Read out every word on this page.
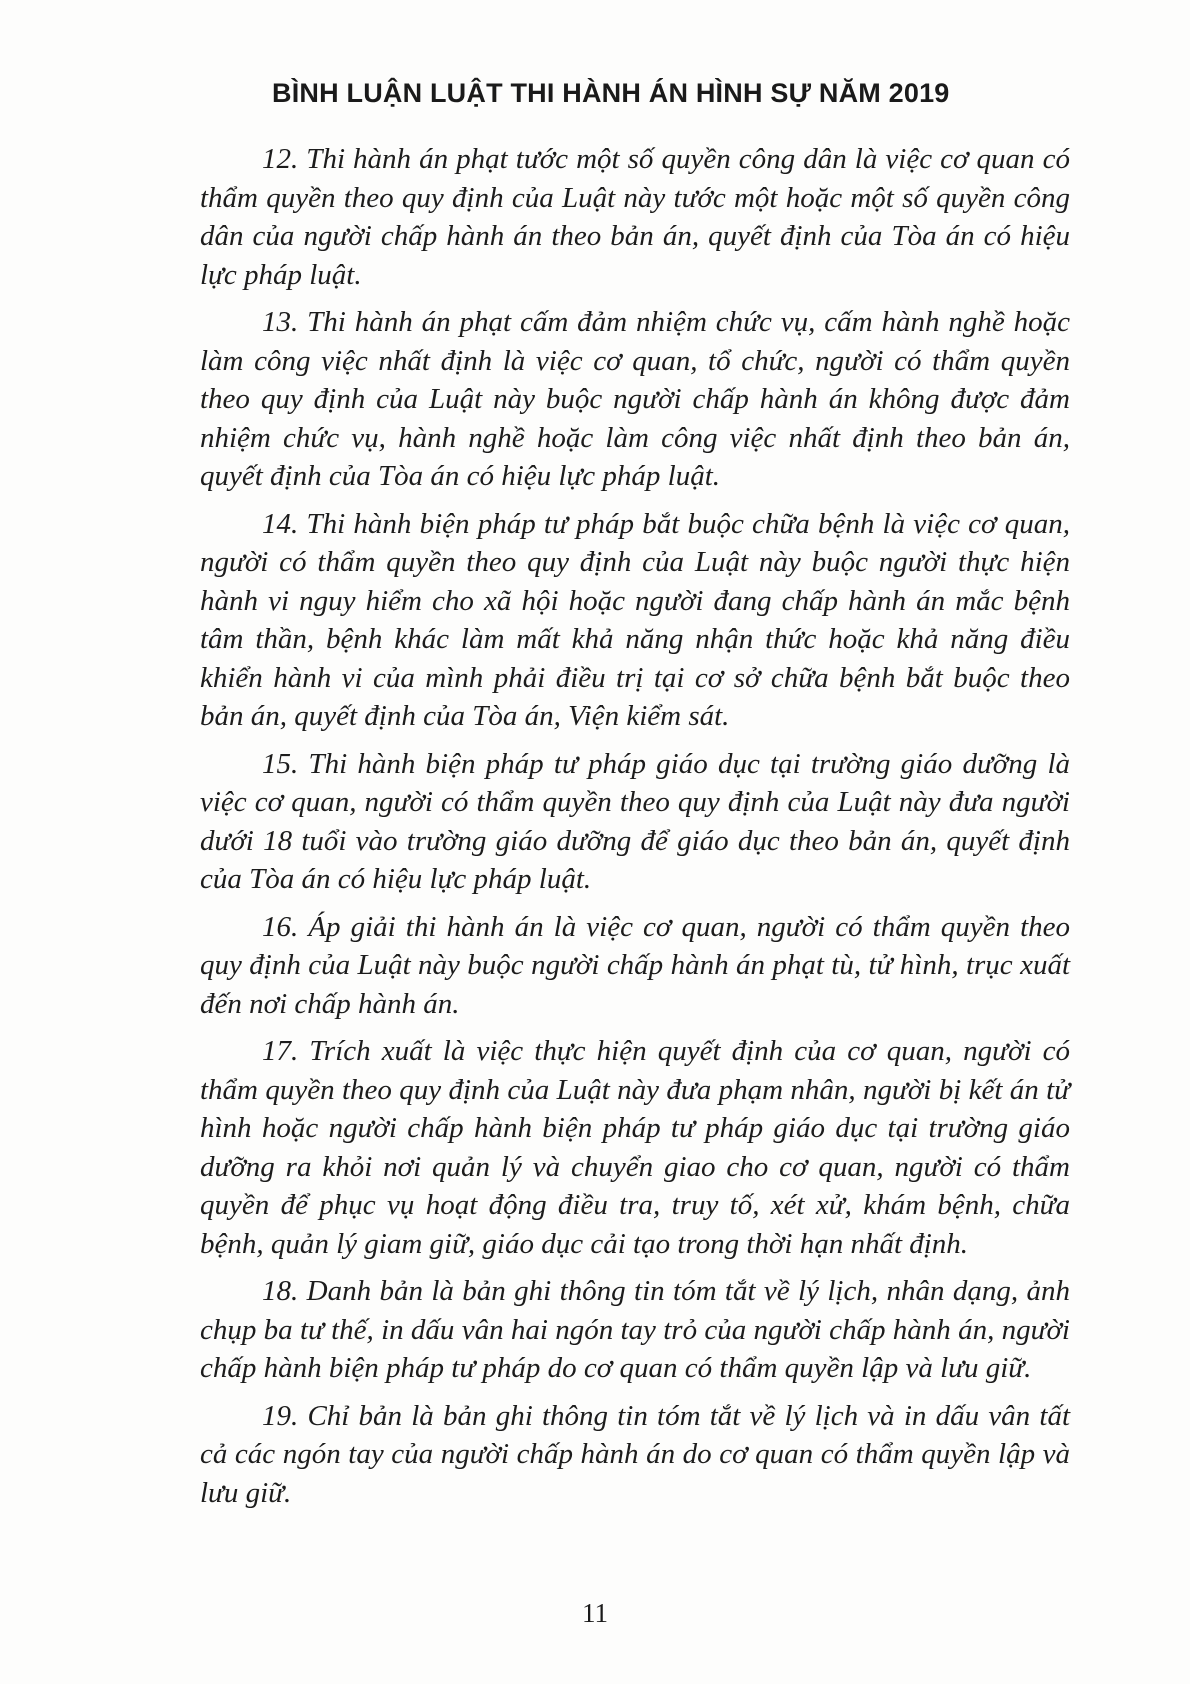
BÌNH LUẬN LUẬT THI HÀNH ÁN HÌNH SỰ NĂM 2019

12. Thi hành án phạt tước một số quyền công dân là việc cơ quan có thẩm quyền theo quy định của Luật này tước một hoặc một số quyền công dân của người chấp hành án theo bản án, quyết định của Tòa án có hiệu lực pháp luật.

13. Thi hành án phạt cấm đảm nhiệm chức vụ, cấm hành nghề hoặc làm công việc nhất định là việc cơ quan, tổ chức, người có thẩm quyền theo quy định của Luật này buộc người chấp hành án không được đảm nhiệm chức vụ, hành nghề hoặc làm công việc nhất định theo bản án, quyết định của Tòa án có hiệu lực pháp luật.

14. Thi hành biện pháp tư pháp bắt buộc chữa bệnh là việc cơ quan, người có thẩm quyền theo quy định của Luật này buộc người thực hiện hành vi nguy hiểm cho xã hội hoặc người đang chấp hành án mắc bệnh tâm thần, bệnh khác làm mất khả năng nhận thức hoặc khả năng điều khiển hành vi của mình phải điều trị tại cơ sở chữa bệnh bắt buộc theo bản án, quyết định của Tòa án, Viện kiểm sát.

15. Thi hành biện pháp tư pháp giáo dục tại trường giáo dưỡng là việc cơ quan, người có thẩm quyền theo quy định của Luật này đưa người dưới 18 tuổi vào trường giáo dưỡng để giáo dục theo bản án, quyết định của Tòa án có hiệu lực pháp luật.

16. Áp giải thi hành án là việc cơ quan, người có thẩm quyền theo quy định của Luật này buộc người chấp hành án phạt tù, tử hình, trục xuất đến nơi chấp hành án.

17. Trích xuất là việc thực hiện quyết định của cơ quan, người có thẩm quyền theo quy định của Luật này đưa phạm nhân, người bị kết án tử hình hoặc người chấp hành biện pháp tư pháp giáo dục tại trường giáo dưỡng ra khỏi nơi quản lý và chuyển giao cho cơ quan, người có thẩm quyền để phục vụ hoạt động điều tra, truy tố, xét xử, khám bệnh, chữa bệnh, quản lý giam giữ, giáo dục cải tạo trong thời hạn nhất định.

18. Danh bản là bản ghi thông tin tóm tắt về lý lịch, nhân dạng, ảnh chụp ba tư thế, in dấu vân hai ngón tay trỏ của người chấp hành án, người chấp hành biện pháp tư pháp do cơ quan có thẩm quyền lập và lưu giữ.

19. Chỉ bản là bản ghi thông tin tóm tắt về lý lịch và in dấu vân tất cả các ngón tay của người chấp hành án do cơ quan có thẩm quyền lập và lưu giữ.

11
